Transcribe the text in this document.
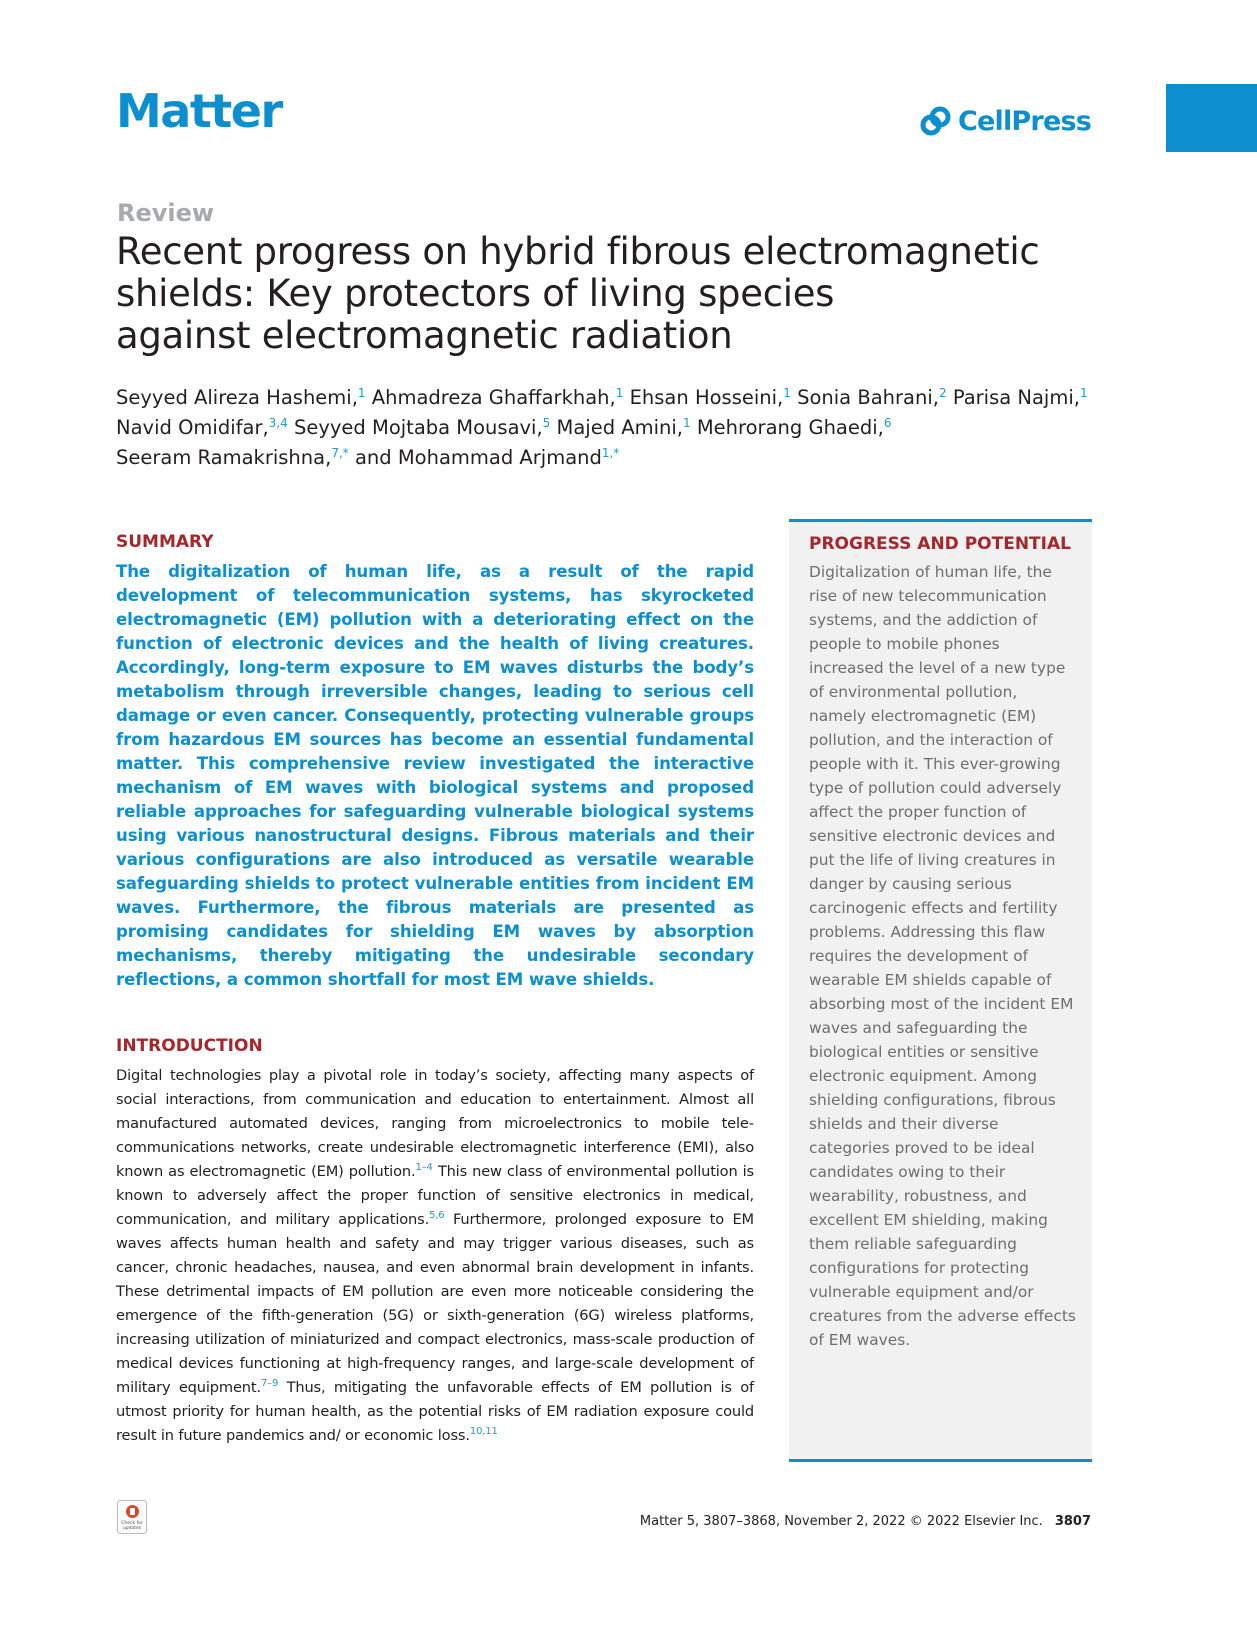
Matter	CellPress
Review
Recent progress on hybrid fibrous electromagnetic
shields: Key protectors of living species
against electromagnetic radiation
Seyyed Alireza Hashemi,$^1$ Ahmadreza Ghaffarkhah,$^1$ Ehsan Hosseini,$^1$ Sonia Bahrani,$^2$ Parisa Najmi,$^1$
Navid Omidifar,$^{3,4}$ Seyyed Mojtaba Mousavi,$^5$ Majed Amini,$^1$ Mehrorang Ghaedi,$^6$
Seeram Ramakrishna,$^{7,*}$ and Mohammad Arjmand$^{1,*}$
SUMMARY

The digitalization of human life, as a result of the rapid development of telecommunication systems, has skyrocketed electromagnetic (EM) pollution with a deteriorating effect on the function of electronic devices and the health of living creatures. Accordingly, long-term exposure to EM waves disturbs the body’s metabolism through irreversible changes, leading to serious cell damage or even cancer. Consequently, protecting vulnerable groups from hazardous EM sources has become an essential fundamental matter. This comprehensive review investigated the interactive mechanism of EM waves with biological systems and proposed reliable approaches for safeguarding vulnerable biological systems using various nanostructural designs. Fibrous materials and their various configurations are also introduced as versatile wearable safeguarding shields to protect vulnerable entities from incident EM waves. Furthermore, the fibrous materials are presented as promising candidates for shielding EM waves by absorption mechanisms, thereby mitigating the undesirable secondary reflections, a common shortfall for most EM wave shields.

INTRODUCTION

Digital technologies play a pivotal role in today’s society, affecting many aspects of social interactions, from communication and education to entertainment. Almost all manufactured automated devices, ranging from microelectronics to mobile telecommunications networks, create undesirable electromagnetic interference (EMI), also known as electromagnetic (EM) pollution.$^{1-4}$ This new class of environmental pollution is known to adversely affect the proper function of sensitive electronics in medical, communication, and military applications.$^{5,6}$ Furthermore, prolonged exposure to EM waves affects human health and safety and may trigger various diseases, such as cancer, chronic headaches, nausea, and even abnormal brain development in infants. These detrimental impacts of EM pollution are even more noticeable considering the emergence of the fifth-generation (5G) or sixth-generation (6G) wireless platforms, increasing utilization of miniaturized and compact electronics, mass-scale production of medical devices functioning at high-frequency ranges, and large-scale development of military equipment.$^{7-9}$ Thus, mitigating the unfavorable effects of EM pollution is of utmost priority for human health, as the potential risks of EM radiation exposure could result in future pandemics and/ or economic loss.$^{10,11}$

PROGRESS AND POTENTIAL

Digitalization of human life, the rise of new telecommunication systems, and the addiction of people to mobile phones increased the level of a new type of environmental pollution, namely electromagnetic (EM) pollution, and the interaction of people with it. This ever-growing type of pollution could adversely affect the proper function of sensitive electronic devices and put the life of living creatures in danger by causing serious carcinogenic effects and fertility problems. Addressing this flaw requires the development of wearable EM shields capable of absorbing most of the incident EM waves and safeguarding the biological entities or sensitive electronic equipment. Among shielding configurations, fibrous shields and their diverse categories proved to be ideal candidates owing to their wearability, robustness, and excellent EM shielding, making them reliable safeguarding configurations for protecting vulnerable equipment and/or creatures from the adverse effects of EM waves.

Check for updates	Matter 5, 3807–3868, November 2, 2022 © 2022 Elsevier Inc. 3807
